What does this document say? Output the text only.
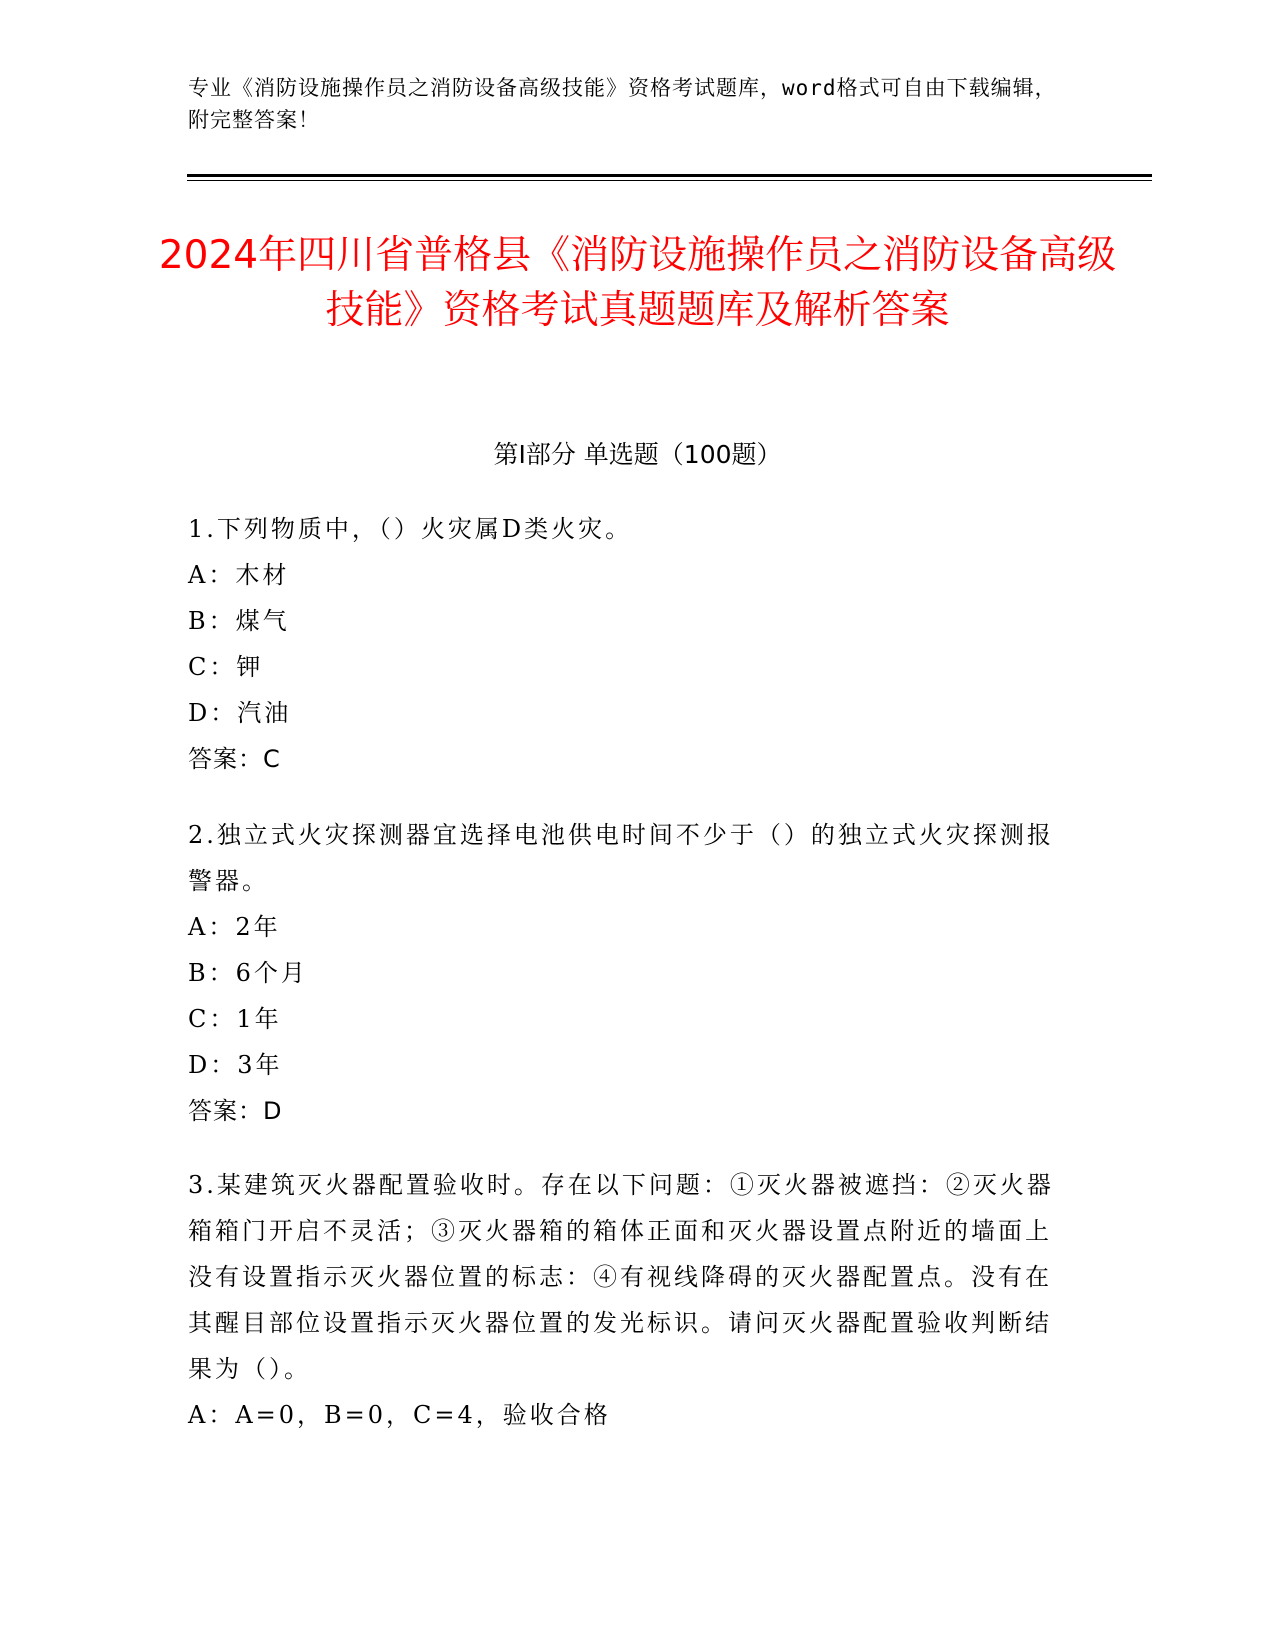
专业《消防设施操作员之消防设备高级技能》资格考试题库，word格式可自由下载编辑，附完整答案！
2024年四川省普格县《消防设施操作员之消防设备高级技能》资格考试真题题库及解析答案
第I部分 单选题（100题）

1.下列物质中，（）火灾属D类火灾。

A：木材

B：煤气

C：钾

D：汽油

答案：C

2.独立式火灾探测器宜选择电池供电时间不少于（）的独立式火灾探测报警器。

A：2年

B：6个月

C：1年

D：3年

答案：D

3.某建筑灭火器配置验收时。存在以下问题：①灭火器被遮挡：②灭火器箱箱门开启不灵活；③灭火器箱的箱体正面和灭火器设置点附近的墙面上没有设置指示灭火器位置的标志：④有视线降碍的灭火器配置点。没有在其醒目部位设置指示灭火器位置的发光标识。请问灭火器配置验收判断结果为（）。

A：A=0，B=0，C=4，验收合格
